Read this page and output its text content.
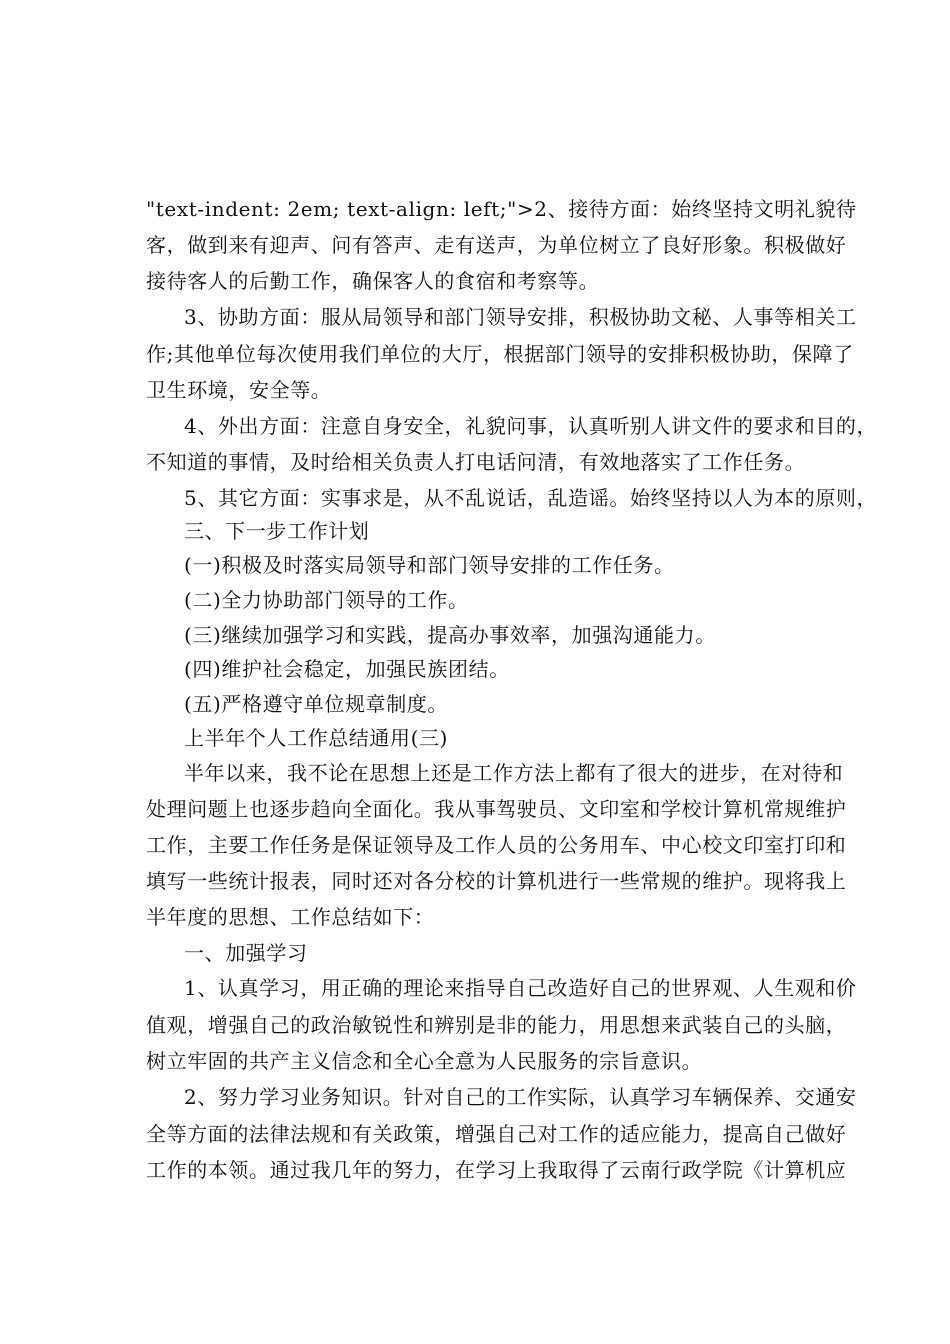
"text-indent: 2em; text-align: left;">2、接待方面：始终坚持文明礼貌待
客，做到来有迎声、问有答声、走有送声，为单位树立了良好形象。积极做好
接待客人的后勤工作，确保客人的食宿和考察等。
3、协助方面：服从局领导和部门领导安排，积极协助文秘、人事等相关工
作;其他单位每次使用我们单位的大厅，根据部门领导的安排积极协助，保障了
卫生环境，安全等。
4、外出方面：注意自身安全，礼貌问事，认真听别人讲文件的要求和目的，
不知道的事情，及时给相关负责人打电话问清，有效地落实了工作任务。
5、其它方面：实事求是，从不乱说话，乱造谣。始终坚持以人为本的原则，
三、下一步工作计划
(一)积极及时落实局领导和部门领导安排的工作任务。
(二)全力协助部门领导的工作。
(三)继续加强学习和实践，提高办事效率，加强沟通能力。
(四)维护社会稳定，加强民族团结。
(五)严格遵守单位规章制度。
上半年个人工作总结通用(三)
半年以来，我不论在思想上还是工作方法上都有了很大的进步，在对待和
处理问题上也逐步趋向全面化。我从事驾驶员、文印室和学校计算机常规维护
工作，主要工作任务是保证领导及工作人员的公务用车、中心校文印室打印和
填写一些统计报表，同时还对各分校的计算机进行一些常规的维护。现将我上
半年度的思想、工作总结如下：
一、加强学习
1、认真学习，用正确的理论来指导自己改造好自己的世界观、人生观和价
值观，增强自己的政治敏锐性和辨别是非的能力，用思想来武装自己的头脑，
树立牢固的共产主义信念和全心全意为人民服务的宗旨意识。
2、努力学习业务知识。针对自己的工作实际，认真学习车辆保养、交通安
全等方面的法律法规和有关政策，增强自己对工作的适应能力，提高自己做好
工作的本领。通过我几年的努力，在学习上我取得了云南行政学院《计算机应
